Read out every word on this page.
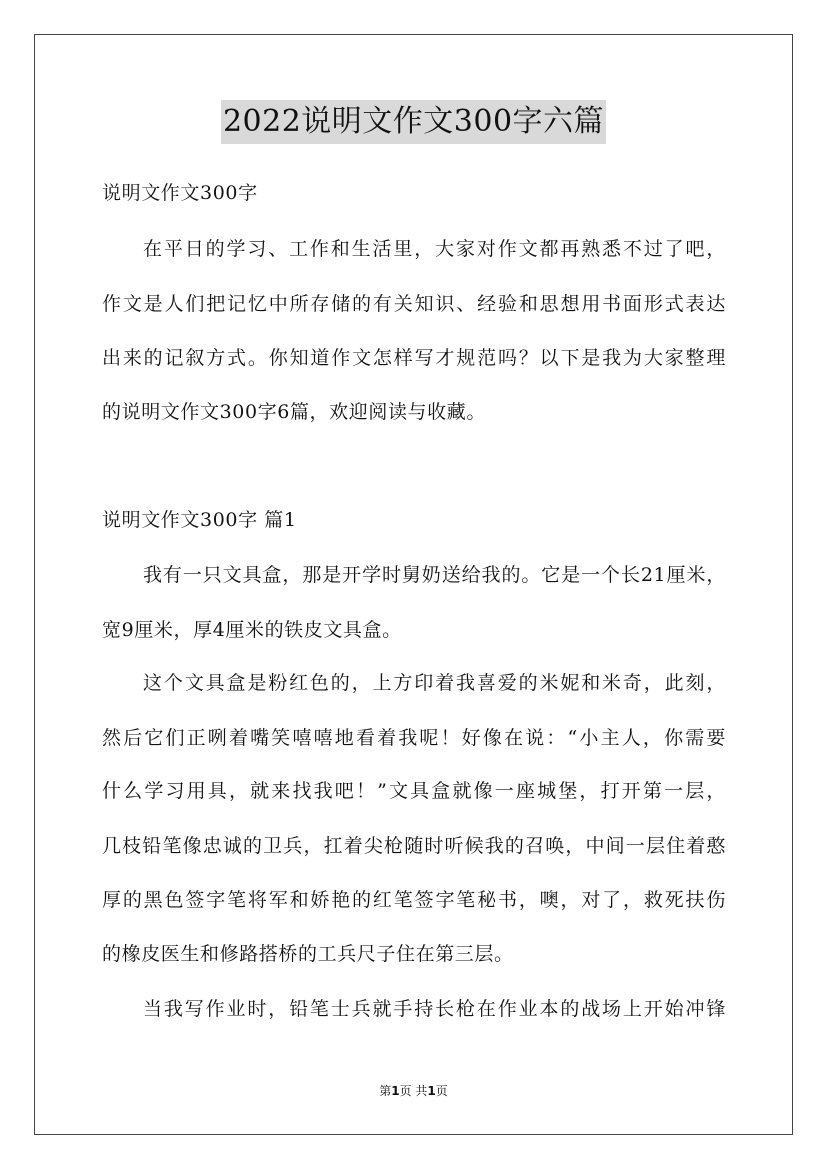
2022说明文作文300字六篇
说明文作文300字
在平日的学习、工作和生活里，大家对作文都再熟悉不过了吧，
作文是人们把记忆中所存储的有关知识、经验和思想用书面形式表达
出来的记叙方式。你知道作文怎样写才规范吗？以下是我为大家整理
的说明文作文300字6篇，欢迎阅读与收藏。
说明文作文300字 篇1
我有一只文具盒，那是开学时舅奶送给我的。它是一个长21厘米，
宽9厘米，厚4厘米的铁皮文具盒。
这个文具盒是粉红色的，上方印着我喜爱的米妮和米奇，此刻，
然后它们正咧着嘴笑嘻嘻地看着我呢！好像在说：“小主人，你需要
什么学习用具，就来找我吧！”文具盒就像一座城堡，打开第一层，
几枝铅笔像忠诚的卫兵，扛着尖枪随时听候我的召唤，中间一层住着憨
厚的黑色签字笔将军和娇艳的红笔签字笔秘书，噢，对了，救死扶伤
的橡皮医生和修路搭桥的工兵尺子住在第三层。
当我写作业时，铅笔士兵就手持长枪在作业本的战场上开始冲锋
第1页 共1页
